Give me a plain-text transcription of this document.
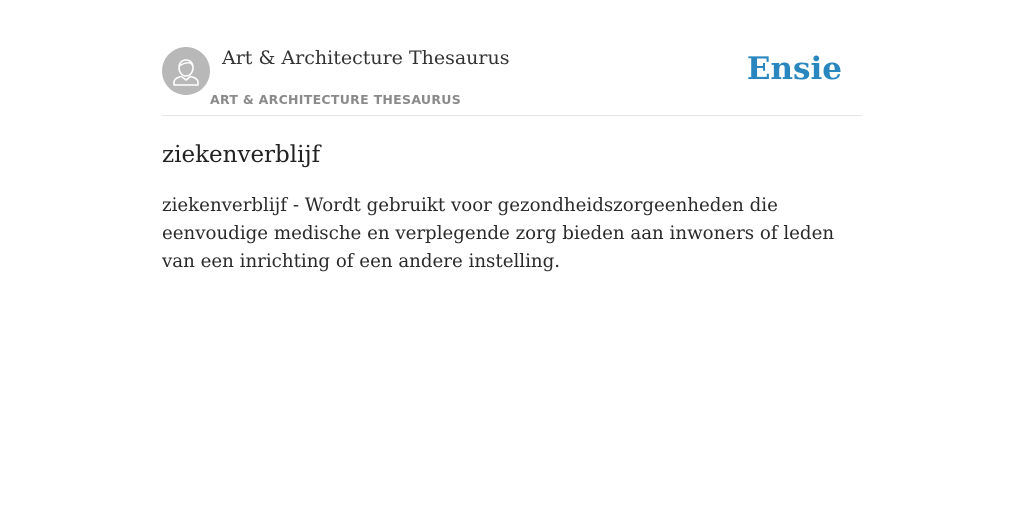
Art & Architecture Thesaurus
ART & ARCHITECTURE THESAURUS
Ensie
ziekenverblijf

ziekenverblijf - Wordt gebruikt voor gezondheidszorgeenheden die eenvoudige medische en verplegende zorg bieden aan inwoners of leden van een inrichting of een andere instelling.
